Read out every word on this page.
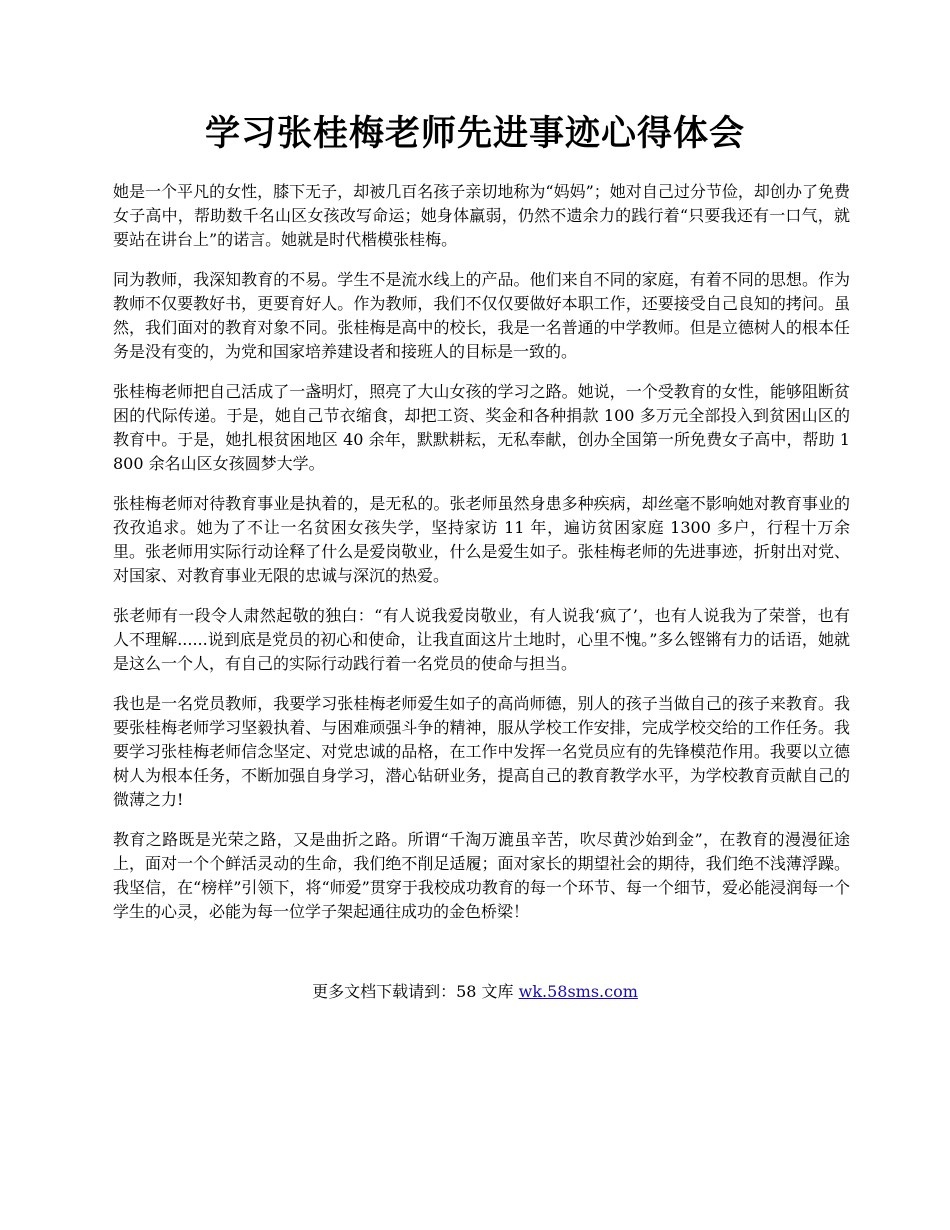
学习张桂梅老师先进事迹心得体会

她是一个平凡的女性，膝下无子，却被几百名孩子亲切地称为“妈妈”；她对自己过分节俭，却创办了免费女子高中，帮助数千名山区女孩改写命运；她身体羸弱，仍然不遗余力的践行着“只要我还有一口气，就要站在讲台上”的诺言。她就是时代楷模张桂梅。

同为教师，我深知教育的不易。学生不是流水线上的产品。他们来自不同的家庭，有着不同的思想。作为教师不仅要教好书，更要育好人。作为教师，我们不仅仅要做好本职工作，还要接受自己良知的拷问。虽然，我们面对的教育对象不同。张桂梅是高中的校长，我是一名普通的中学教师。但是立德树人的根本任务是没有变的，为党和国家培养建设者和接班人的目标是一致的。

张桂梅老师把自己活成了一盏明灯，照亮了大山女孩的学习之路。她说，一个受教育的女性，能够阻断贫困的代际传递。于是，她自己节衣缩食，却把工资、奖金和各种捐款 100 多万元全部投入到贫困山区的教育中。于是，她扎根贫困地区 40 余年，默默耕耘，无私奉献，创办全国第一所免费女子高中，帮助 1800 余名山区女孩圆梦大学。

张桂梅老师对待教育事业是执着的，是无私的。张老师虽然身患多种疾病，却丝毫不影响她对教育事业的孜孜追求。她为了不让一名贫困女孩失学，坚持家访 11 年，遍访贫困家庭 1300 多户，行程十万余里。张老师用实际行动诠释了什么是爱岗敬业，什么是爱生如子。张桂梅老师的先进事迹，折射出对党、对国家、对教育事业无限的忠诚与深沉的热爱。

张老师有一段令人肃然起敬的独白：“有人说我爱岗敬业，有人说我‘疯了’，也有人说我为了荣誉，也有人不理解......说到底是党员的初心和使命，让我直面这片土地时，心里不愧。”多么铿锵有力的话语，她就是这么一个人，有自己的实际行动践行着一名党员的使命与担当。

我也是一名党员教师，我要学习张桂梅老师爱生如子的高尚师德，别人的孩子当做自己的孩子来教育。我要张桂梅老师学习坚毅执着、与困难顽强斗争的精神，服从学校工作安排，完成学校交给的工作任务。我要学习张桂梅老师信念坚定、对党忠诚的品格，在工作中发挥一名党员应有的先锋模范作用。我要以立德树人为根本任务，不断加强自身学习，潜心钻研业务，提高自己的教育教学水平，为学校教育贡献自己的微薄之力!

教育之路既是光荣之路，又是曲折之路。所谓“千淘万漉虽辛苦，吹尽黄沙始到金”，在教育的漫漫征途上，面对一个个鲜活灵动的生命，我们绝不削足适履；面对家长的期望社会的期待，我们绝不浅薄浮躁。我坚信，在“榜样”引领下，将“师爱”贯穿于我校成功教育的每一个环节、每一个细节，爱必能浸润每一个学生的心灵，必能为每一位学子架起通往成功的金色桥梁！

更多文档下载请到：58 文库 wk.58sms.com
